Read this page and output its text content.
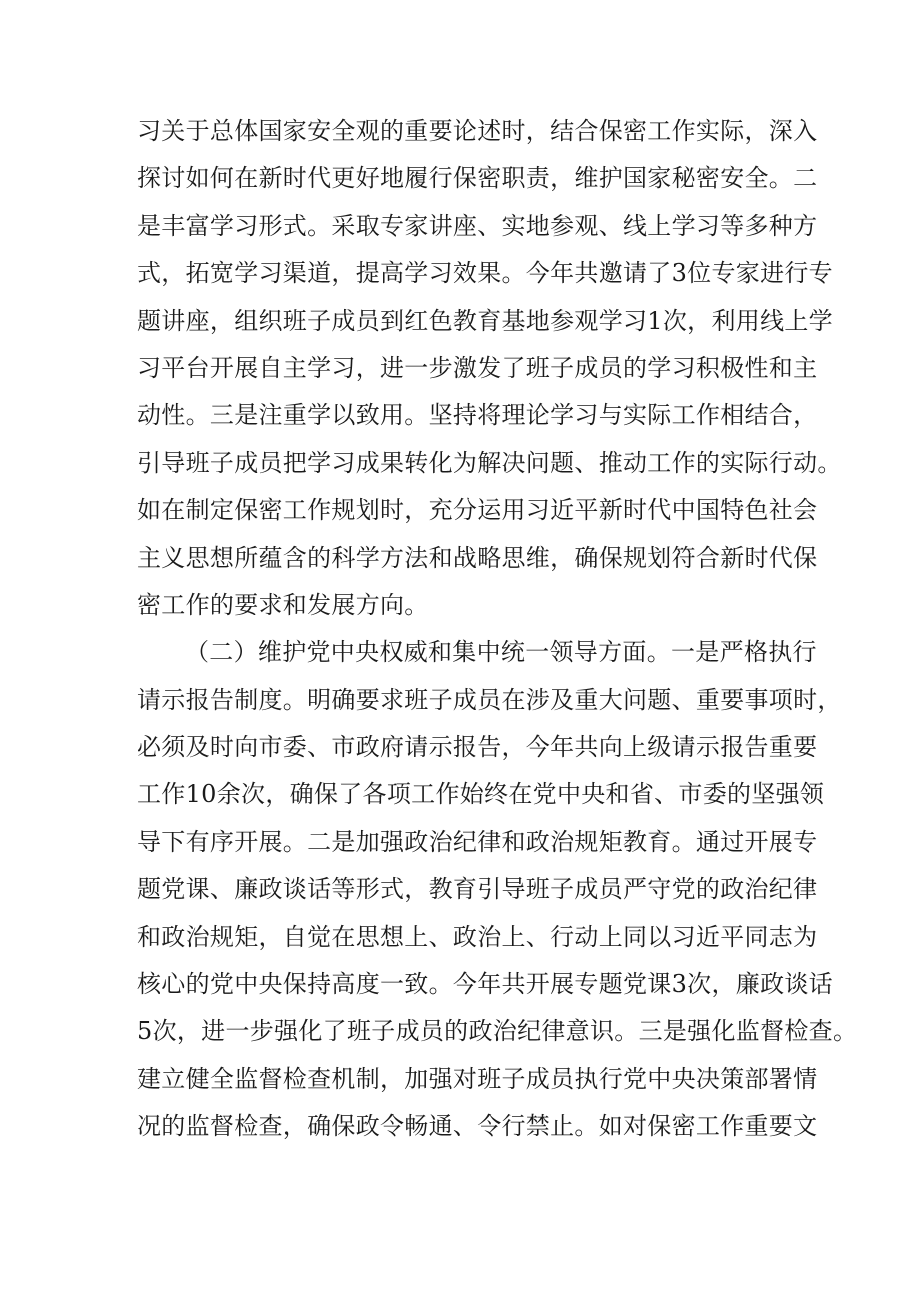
习关于总体国家安全观的重要论述时，结合保密工作实际，深入
探讨如何在新时代更好地履行保密职责，维护国家秘密安全。二
是丰富学习形式。采取专家讲座、实地参观、线上学习等多种方
式，拓宽学习渠道，提高学习效果。今年共邀请了3位专家进行专
题讲座，组织班子成员到红色教育基地参观学习1次，利用线上学
习平台开展自主学习，进一步激发了班子成员的学习积极性和主
动性。三是注重学以致用。坚持将理论学习与实际工作相结合，
引导班子成员把学习成果转化为解决问题、推动工作的实际行动。
如在制定保密工作规划时，充分运用习近平新时代中国特色社会
主义思想所蕴含的科学方法和战略思维，确保规划符合新时代保
密工作的要求和发展方向。
（二）维护党中央权威和集中统一领导方面。一是严格执行
请示报告制度。明确要求班子成员在涉及重大问题、重要事项时，
必须及时向市委、市政府请示报告，今年共向上级请示报告重要
工作10余次，确保了各项工作始终在党中央和省、市委的坚强领
导下有序开展。二是加强政治纪律和政治规矩教育。通过开展专
题党课、廉政谈话等形式，教育引导班子成员严守党的政治纪律
和政治规矩，自觉在思想上、政治上、行动上同以习近平同志为
核心的党中央保持高度一致。今年共开展专题党课3次，廉政谈话
5次，进一步强化了班子成员的政治纪律意识。三是强化监督检查。
建立健全监督检查机制，加强对班子成员执行党中央决策部署情
况的监督检查，确保政令畅通、令行禁止。如对保密工作重要文
